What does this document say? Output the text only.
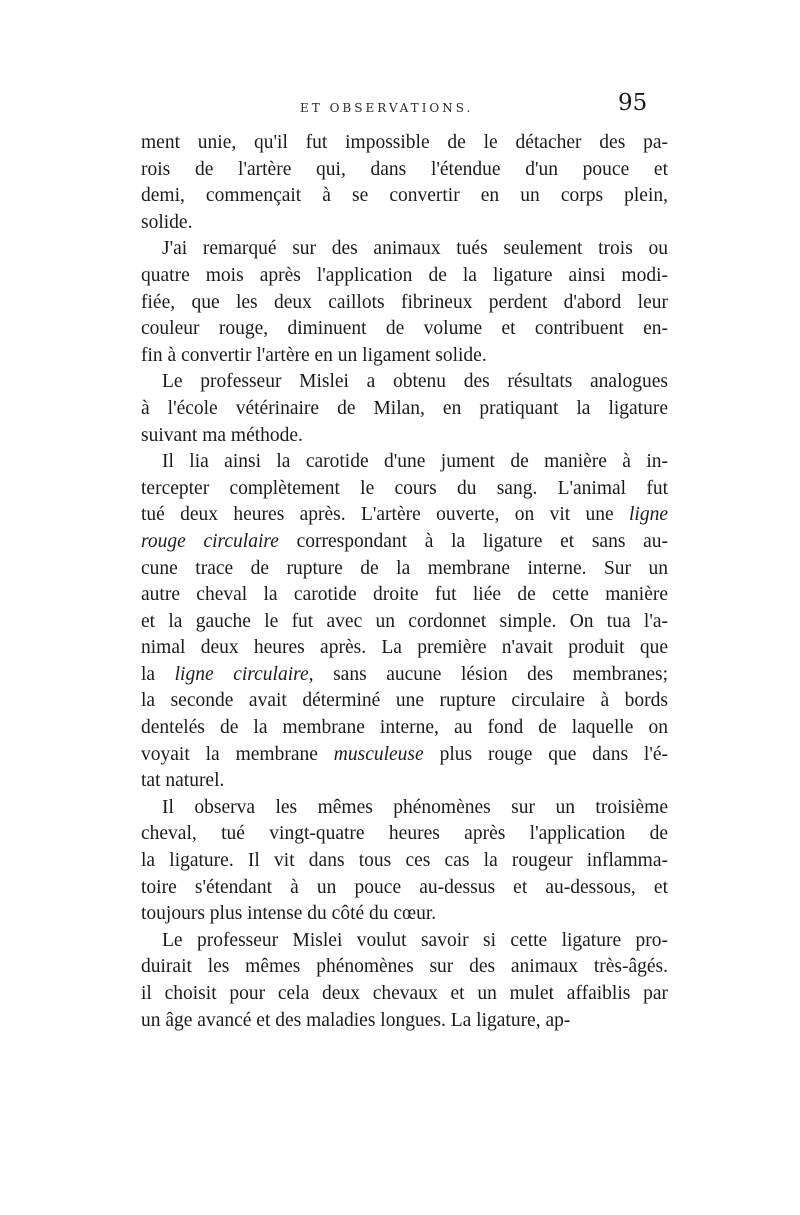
ET OBSERVATIONS.	95
ment unie, qu'il fut impossible de le détacher des pa-
rois de l'artère qui, dans l'étendue d'un pouce et
demi, commençait à se convertir en un corps plein,
solide.
J'ai remarqué sur des animaux tués seulement trois ou
quatre mois après l'application de la ligature ainsi modi-
fiée, que les deux caillots fibrineux perdent d'abord leur
couleur rouge, diminuent de volume et contribuent en-
fin à convertir l'artère en un ligament solide.
Le professeur Mislei a obtenu des résultats analogues
à l'école vétérinaire de Milan, en pratiquant la ligature
suivant ma méthode.
Il lia ainsi la carotide d'une jument de manière à in-
tercepter complètement le cours du sang. L'animal fut
tué deux heures après. L'artère ouverte, on vit une ligne
rouge circulaire correspondant à la ligature et sans au-
cune trace de rupture de la membrane interne. Sur un
autre cheval la carotide droite fut liée de cette manière
et la gauche le fut avec un cordonnet simple. On tua l'a-
nimal deux heures après. La première n'avait produit que
la ligne circulaire, sans aucune lésion des membranes;
la seconde avait déterminé une rupture circulaire à bords
dentelés de la membrane interne, au fond de laquelle on
voyait la membrane musculeuse plus rouge que dans l'é-
tat naturel.
Il observa les mêmes phénomènes sur un troisième
cheval, tué vingt-quatre heures après l'application de
la ligature. Il vit dans tous ces cas la rougeur inflamma-
toire s'étendant à un pouce au-dessus et au-dessous, et
toujours plus intense du côté du cœur.
Le professeur Mislei voulut savoir si cette ligature pro-
duirait les mêmes phénomènes sur des animaux très-âgés.
il choisit pour cela deux chevaux et un mulet affaiblis par
un âge avancé et des maladies longues. La ligature, ap-
